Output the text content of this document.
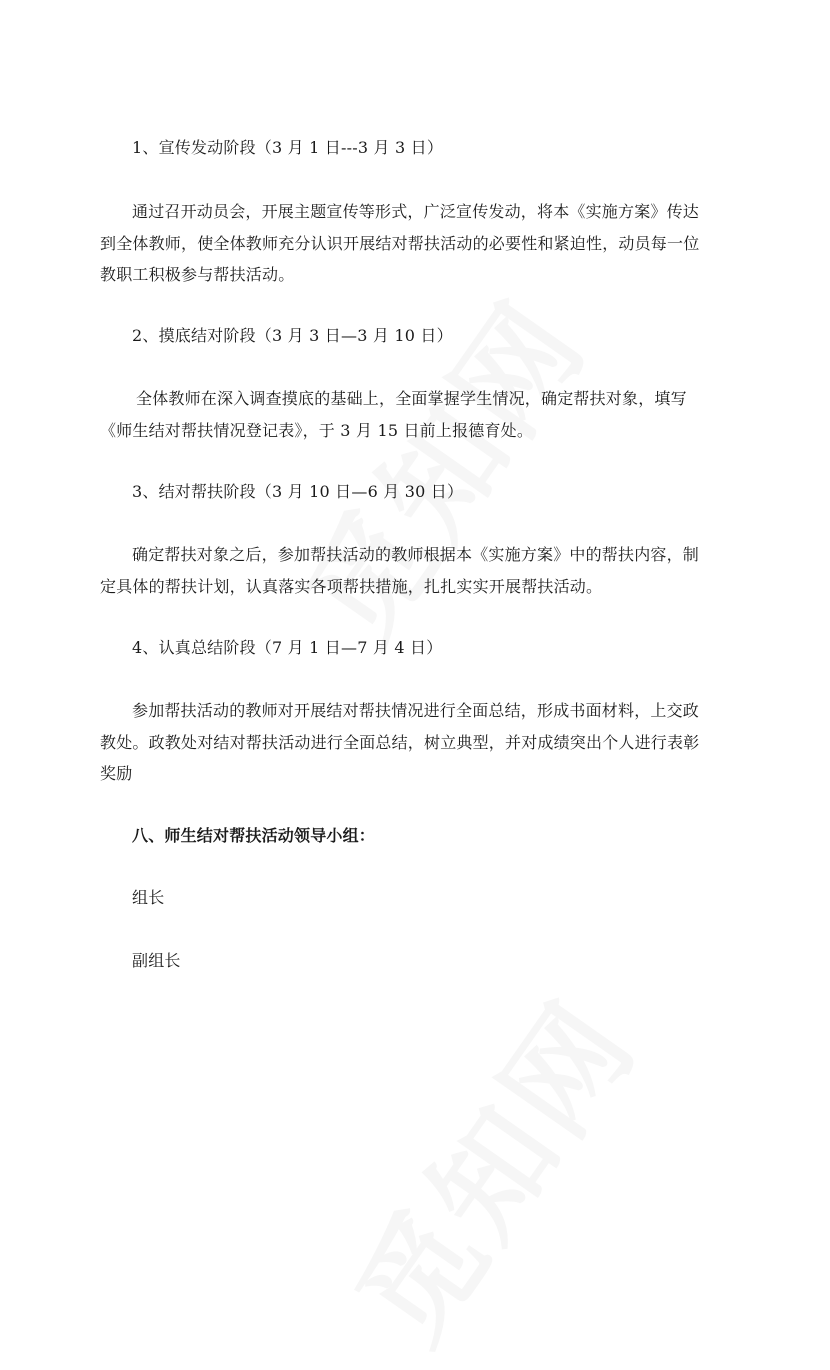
1、宣传发动阶段（3 月 1 日---3 月 3 日）
通过召开动员会，开展主题宣传等形式，广泛宣传发动，将本《实施方案》传达
到全体教师，使全体教师充分认识开展结对帮扶活动的必要性和紧迫性，动员每一位
教职工积极参与帮扶活动。
2、摸底结对阶段（3 月 3 日—3 月 10 日）
全体教师在深入调查摸底的基础上，全面掌握学生情况，确定帮扶对象，填写
《师生结对帮扶情况登记表》，于 3 月 15 日前上报德育处。
3、结对帮扶阶段（3 月 10 日—6 月 30 日）
确定帮扶对象之后，参加帮扶活动的教师根据本《实施方案》中的帮扶内容，制
定具体的帮扶计划，认真落实各项帮扶措施，扎扎实实开展帮扶活动。
4、认真总结阶段（7 月 1 日—7 月 4 日）
参加帮扶活动的教师对开展结对帮扶情况进行全面总结，形成书面材料，上交政
教处。政教处对结对帮扶活动进行全面总结，树立典型，并对成绩突出个人进行表彰
奖励
八、师生结对帮扶活动领导小组：
组长
副组长
